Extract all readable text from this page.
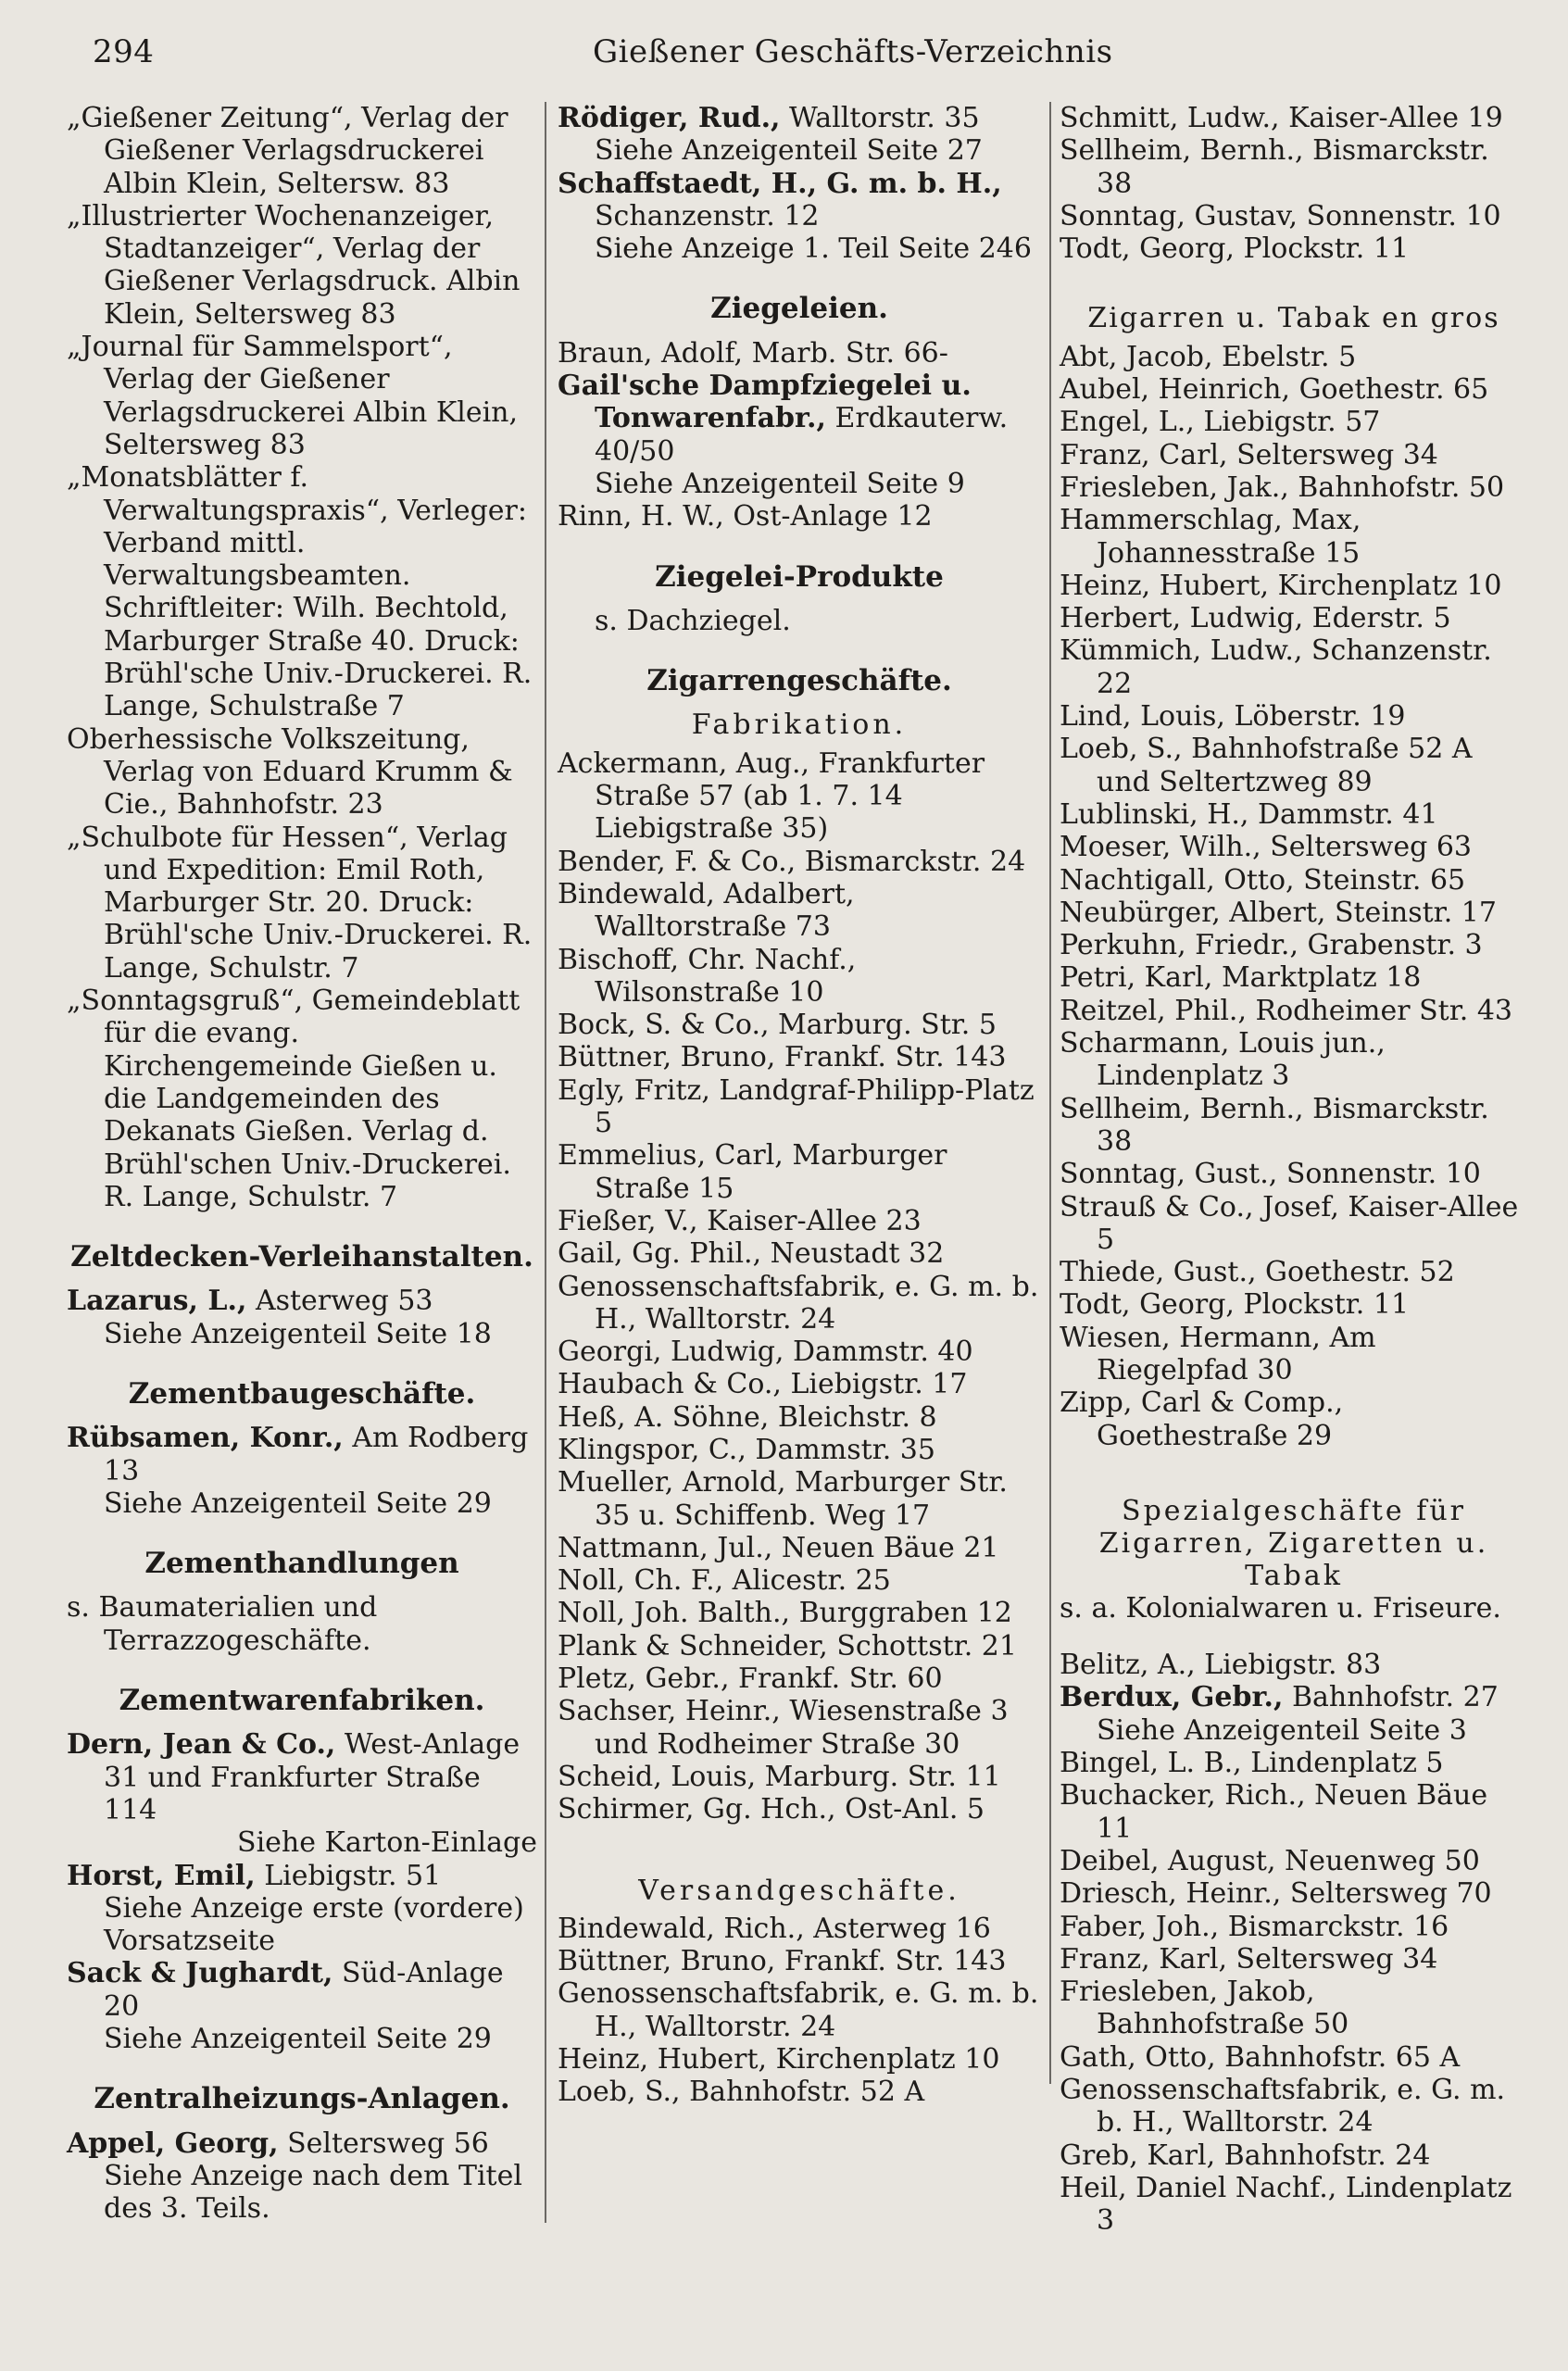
294	Gießener Geschäfts-Verzeichnis

„Gießener Zeitung“, Verlag der Gießener Verlagsdruckerei Albin Klein, Seltersw. 83

„Illustrierter Wochenanzeiger, Stadtanzeiger“, Verlag der Gießener Verlagsdruck. Albin Klein, Seltersweg 83

„Journal für Sammelsport“, Verlag der Gießener Verlagsdruckerei Albin Klein, Seltersweg 83

„Monatsblätter f. Verwaltungspraxis“, Verleger: Verband mittl. Verwaltungsbeamten. Schriftleiter: Wilh. Bechtold, Marburger Straße 40. Druck: Brühl'sche Univ.-Druckerei. R. Lange, Schulstraße 7

Oberhessische Volkszeitung, Verlag von Eduard Krumm & Cie., Bahnhofstr. 23

„Schulbote für Hessen“, Verlag und Expedition: Emil Roth, Marburger Str. 20. Druck: Brühl'sche Univ.-Druckerei. R. Lange, Schulstr. 7

„Sonntagsgruß“, Gemeindeblatt für die evang. Kirchengemeinde Gießen u. die Landgemeinden des Dekanats Gießen. Verlag d. Brühl'schen Univ.-Druckerei. R. Lange, Schulstr. 7

Zeltdecken-Verleihanstalten.

Lazarus, L., Asterweg 53

Siehe Anzeigenteil Seite 18

Zementbaugeschäfte.

Rübsamen, Konr., Am Rodberg 13

Siehe Anzeigenteil Seite 29

Zementhandlungen

s. Baumaterialien und Terrazzogeschäfte.

Zementwarenfabriken.

Dern, Jean & Co., West-Anlage 31 und Frankfurter Straße 114

Siehe Karton-Einlage

Horst, Emil, Liebigstr. 51

Siehe Anzeige erste (vordere) Vorsatzseite

Sack & Jughardt, Süd-Anlage 20

Siehe Anzeigenteil Seite 29

Zentralheizungs-Anlagen.

Appel, Georg, Seltersweg 56

Siehe Anzeige nach dem Titel des 3. Teils.

Rödiger, Rud., Walltorstr. 35

Siehe Anzeigenteil Seite 27

Schaffstaedt, H., G. m. b. H., Schanzenstr. 12

Siehe Anzeige 1. Teil Seite 246

Ziegeleien.

Braun, Adolf, Marb. Str. 66-

Gail'sche Dampfziegelei u. Tonwarenfabr., Erdkauterw. 40/50

Siehe Anzeigenteil Seite 9

Rinn, H. W., Ost-Anlage 12

Ziegelei-Produkte

s. Dachziegel.

Zigarrengeschäfte.
Fabrikation.

Ackermann, Aug., Frankfurter Straße 57 (ab 1. 7. 14 Liebigstraße 35)

Bender, F. & Co., Bismarckstr. 24

Bindewald, Adalbert, Walltorstraße 73

Bischoff, Chr. Nachf., Wilsonstraße 10

Bock, S. & Co., Marburg. Str. 5

Büttner, Bruno, Frankf. Str. 143

Egly, Fritz, Landgraf-Philipp-Platz 5

Emmelius, Carl, Marburger Straße 15

Fießer, V., Kaiser-Allee 23

Gail, Gg. Phil., Neustadt 32

Genossenschaftsfabrik, e. G. m. b. H., Walltorstr. 24

Georgi, Ludwig, Dammstr. 40

Haubach & Co., Liebigstr. 17

Heß, A. Söhne, Bleichstr. 8

Klingspor, C., Dammstr. 35

Mueller, Arnold, Marburger Str. 35 u. Schiffenb. Weg 17

Nattmann, Jul., Neuen Bäue 21

Noll, Ch. F., Alicestr. 25

Noll, Joh. Balth., Burggraben 12

Plank & Schneider, Schottstr. 21

Pletz, Gebr., Frankf. Str. 60

Sachser, Heinr., Wiesenstraße 3 und Rodheimer Straße 30

Scheid, Louis, Marburg. Str. 11

Schirmer, Gg. Hch., Ost-Anl. 5

Versandgeschäfte.

Bindewald, Rich., Asterweg 16

Büttner, Bruno, Frankf. Str. 143

Genossenschaftsfabrik, e. G. m. b. H., Walltorstr. 24

Heinz, Hubert, Kirchenplatz 10

Loeb, S., Bahnhofstr. 52 A

Schmitt, Ludw., Kaiser-Allee 19

Sellheim, Bernh., Bismarckstr. 38

Sonntag, Gustav, Sonnenstr. 10

Todt, Georg, Plockstr. 11

Zigarren u. Tabak en gros

Abt, Jacob, Ebelstr. 5

Aubel, Heinrich, Goethestr. 65

Engel, L., Liebigstr. 57

Franz, Carl, Seltersweg 34

Friesleben, Jak., Bahnhofstr. 50

Hammerschlag, Max, Johannesstraße 15

Heinz, Hubert, Kirchenplatz 10

Herbert, Ludwig, Ederstr. 5

Kümmich, Ludw., Schanzenstr. 22

Lind, Louis, Löberstr. 19

Loeb, S., Bahnhofstraße 52 A und Seltertzweg 89

Lublinski, H., Dammstr. 41

Moeser, Wilh., Seltersweg 63

Nachtigall, Otto, Steinstr. 65

Neubürger, Albert, Steinstr. 17

Perkuhn, Friedr., Grabenstr. 3

Petri, Karl, Marktplatz 18

Reitzel, Phil., Rodheimer Str. 43

Scharmann, Louis jun., Lindenplatz 3

Sellheim, Bernh., Bismarckstr. 38

Sonntag, Gust., Sonnenstr. 10

Strauß & Co., Josef, Kaiser-Allee 5

Thiede, Gust., Goethestr. 52

Todt, Georg, Plockstr. 11

Wiesen, Hermann, Am Riegelpfad 30

Zipp, Carl & Comp., Goethestraße 29

Spezialgeschäfte für Zigarren, Zigaretten u. Tabak

s. a. Kolonialwaren u. Friseure.

Belitz, A., Liebigstr. 83

Berdux, Gebr., Bahnhofstr. 27

Siehe Anzeigenteil Seite 3

Bingel, L. B., Lindenplatz 5

Buchacker, Rich., Neuen Bäue 11

Deibel, August, Neuenweg 50

Driesch, Heinr., Seltersweg 70

Faber, Joh., Bismarckstr. 16

Franz, Karl, Seltersweg 34

Friesleben, Jakob, Bahnhofstraße 50

Gath, Otto, Bahnhofstr. 65 A

Genossenschaftsfabrik, e. G. m. b. H., Walltorstr. 24

Greb, Karl, Bahnhofstr. 24

Heil, Daniel Nachf., Lindenplatz 3
